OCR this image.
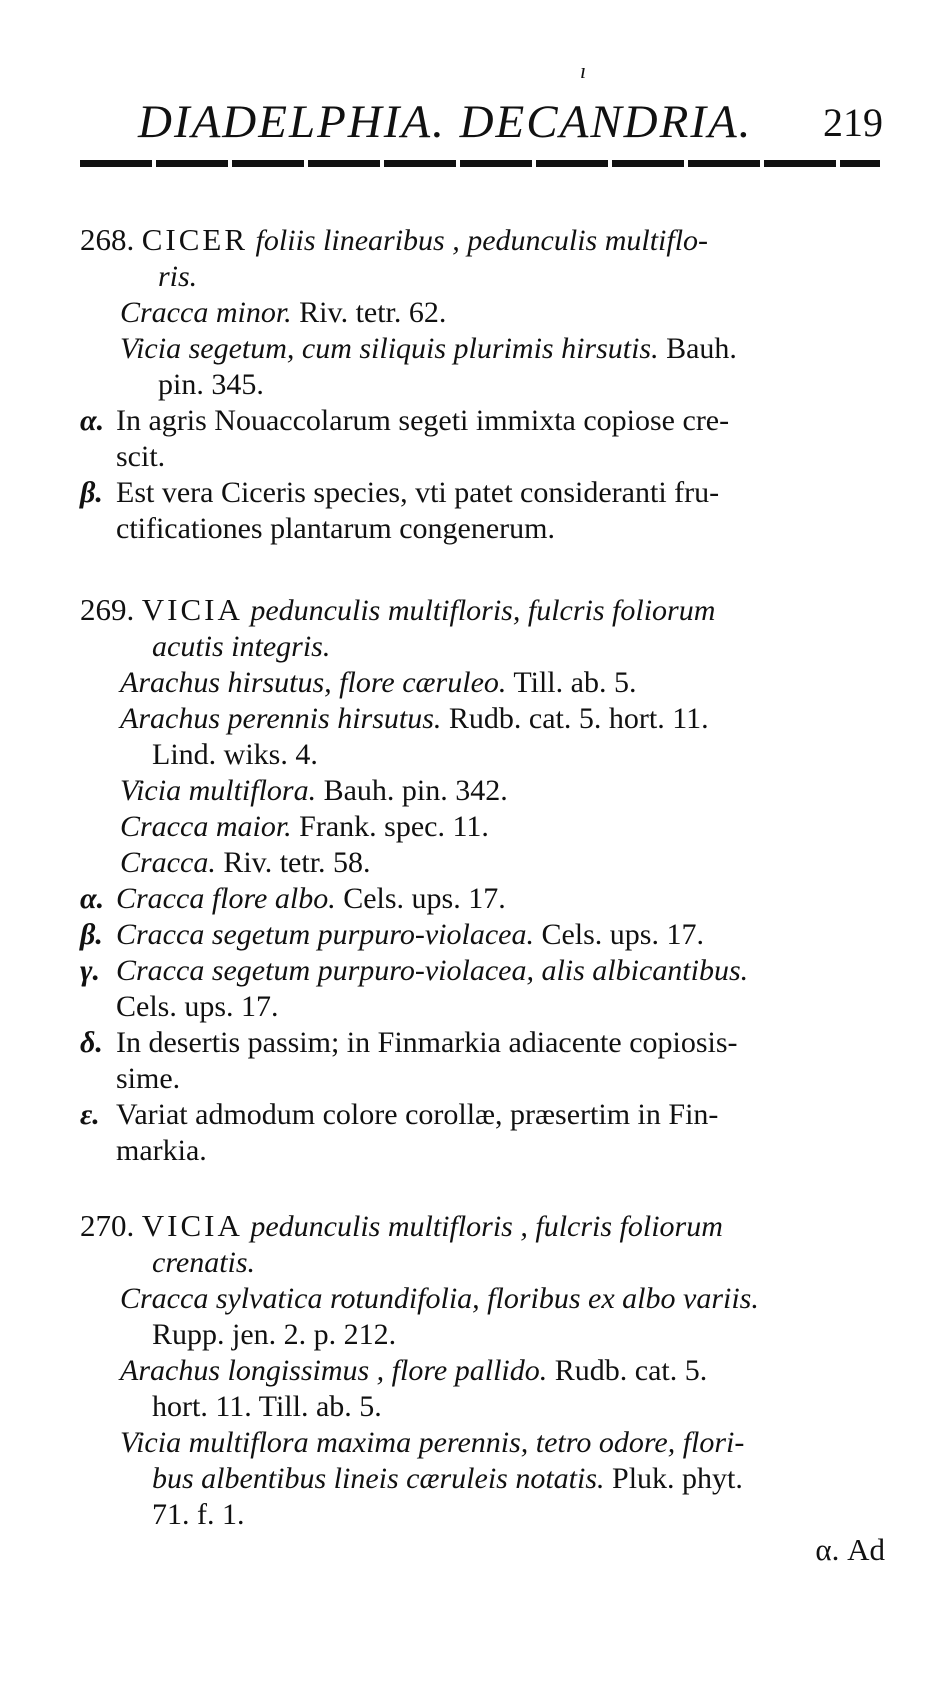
ı
DIADELPHIA. DECANDRIA. 219
268. CICER foliis linearibus , pedunculis multiflo-
ris.
Cracca minor. Riv. tetr. 62.
Vicia segetum, cum siliquis plurimis hirsutis. Bauh.
pin. 345.
α. In agris Nouaccolarum segeti immixta copiose cre-
scit.
β. Est vera Ciceris species, vti patet consideranti fru-
ctificationes plantarum congenerum.
269. VICIA pedunculis multifloris, fulcris foliorum
acutis integris.
Arachus hirsutus, flore cæruleo. Till. ab. 5.
Arachus perennis hirsutus. Rudb. cat. 5. hort. 11.
Lind. wiks. 4.
Vicia multiflora. Bauh. pin. 342.
Cracca maior. Frank. spec. 11.
Cracca. Riv. tetr. 58.
α. Cracca flore albo. Cels. ups. 17.
β. Cracca segetum purpuro-violacea. Cels. ups. 17.
γ. Cracca segetum purpuro-violacea, alis albicantibus.
Cels. ups. 17.
δ. In desertis passim; in Finmarkia adiacente copiosis-
sime.
ε. Variat admodum colore corollæ, præsertim in Fin-
markia.
270. VICIA pedunculis multifloris , fulcris foliorum
crenatis.
Cracca sylvatica rotundifolia, floribus ex albo variis.
Rupp. jen. 2. p. 212.
Arachus longissimus , flore pallido. Rudb. cat. 5.
hort. 11. Till. ab. 5.
Vicia multiflora maxima perennis, tetro odore, flori-
bus albentibus lineis cæruleis notatis. Pluk. phyt.
71. f. 1.
α. Ad
